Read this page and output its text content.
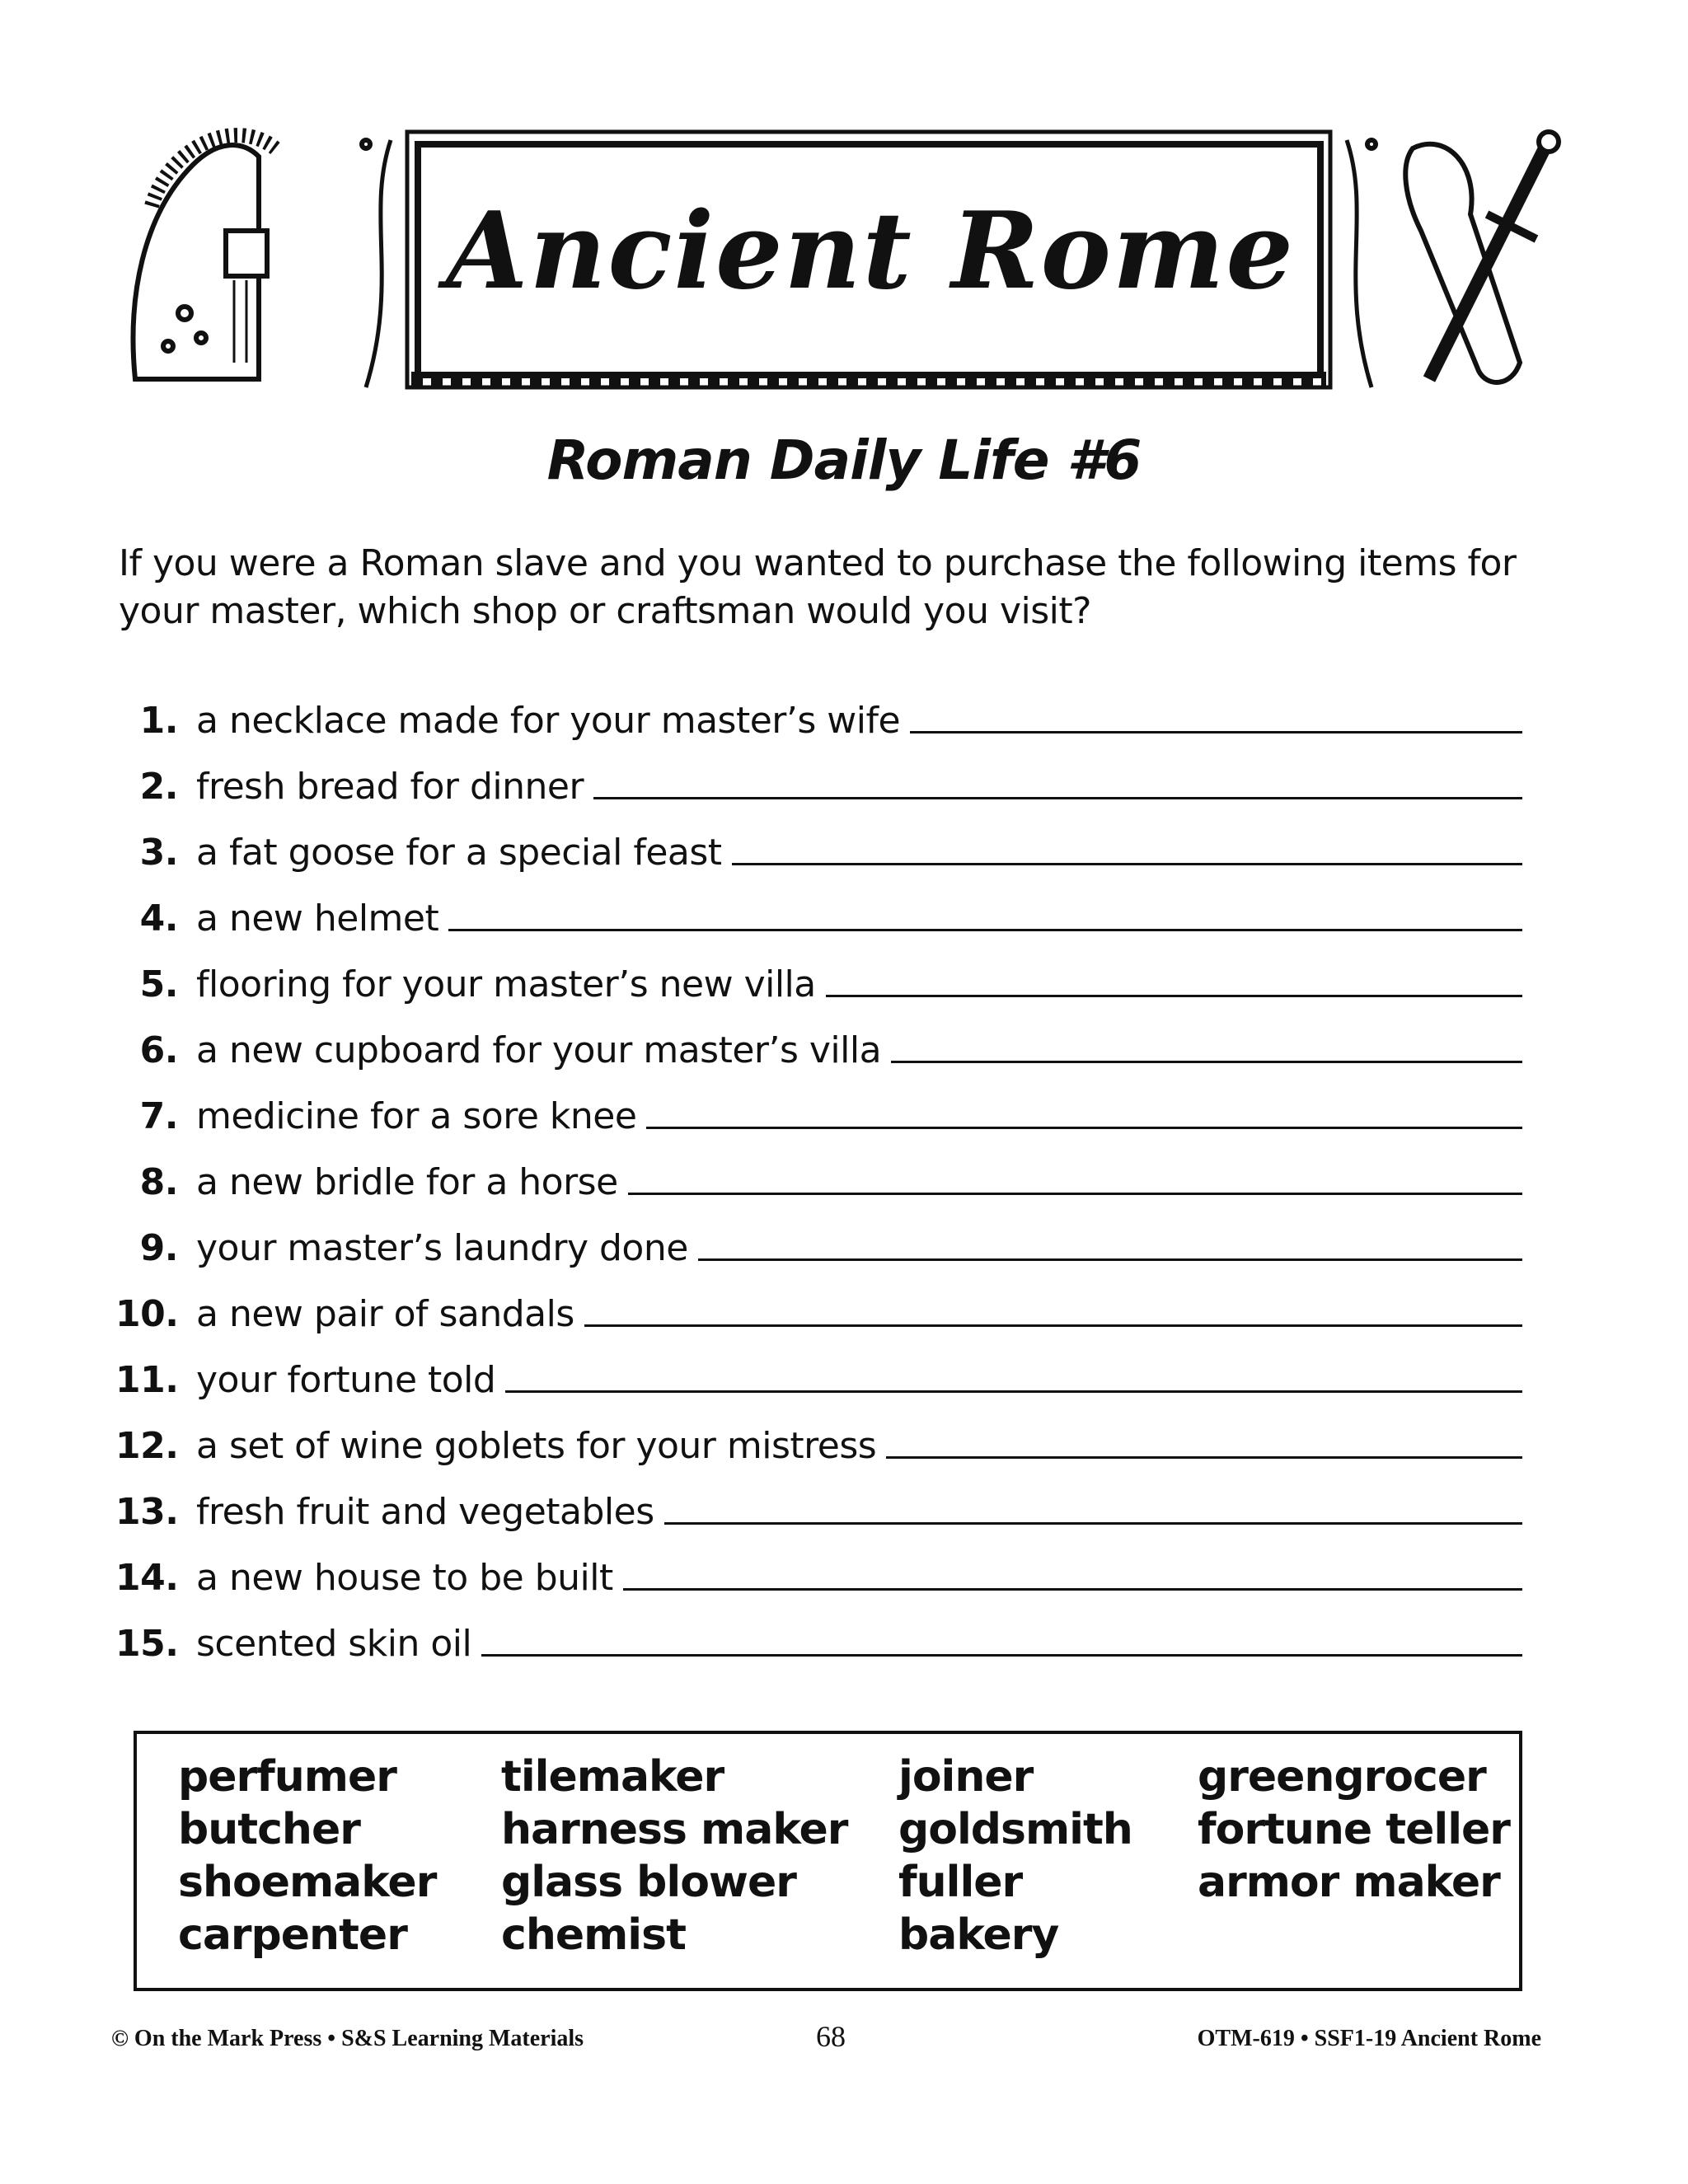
Ancient Rome
Roman Daily Life #6
If you were a Roman slave and you wanted to purchase the following items for your master, which shop or craftsman would you visit?
1. a necklace made for your master’s wife
2. fresh bread for dinner
3. a fat goose for a special feast
4. a new helmet
5. flooring for your master’s new villa
6. a new cupboard for your master’s villa
7. medicine for a sore knee
8. a new bridle for a horse
9. your master’s laundry done
10. a new pair of sandals
11. your fortune told
12. a set of wine goblets for your mistress
13. fresh fruit and vegetables
14. a new house to be built
15. scented skin oil
perfumer
butcher
shoemaker
carpenter
tilemaker
harness maker
glass blower
chemist
joiner
goldsmith
fuller
bakery
greengrocer
fortune teller
armor maker
© On the Mark Press • S&S Learning Materials	68	OTM-619 • SSF1-19 Ancient Rome
